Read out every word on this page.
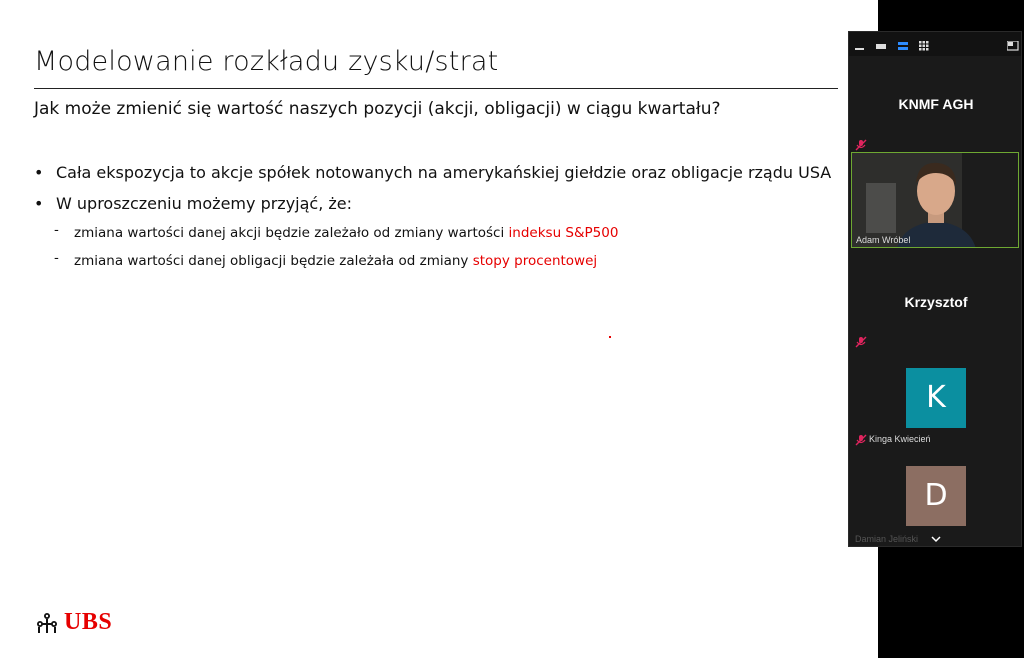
Modelowanie rozkładu zysku/strat
Jak może zmienić się wartość naszych pozycji (akcji, obligacji) w ciągu kwartału?
• Cała ekspozycja to akcje spółek notowanych na amerykańskiej giełdzie oraz obligacje rządu USA
• W uproszczeniu możemy przyjąć, że:
- zmiana wartości danej akcji będzie zależało od zmiany wartości indeksu S&P500
- zmiana wartości danej obligacji będzie zależała od zmiany stopy procentowej
UBS
KNMF AGH
Adam Wróbel
Krzysztof
K
Kinga Kwiecień
D
Damian Jeliński
